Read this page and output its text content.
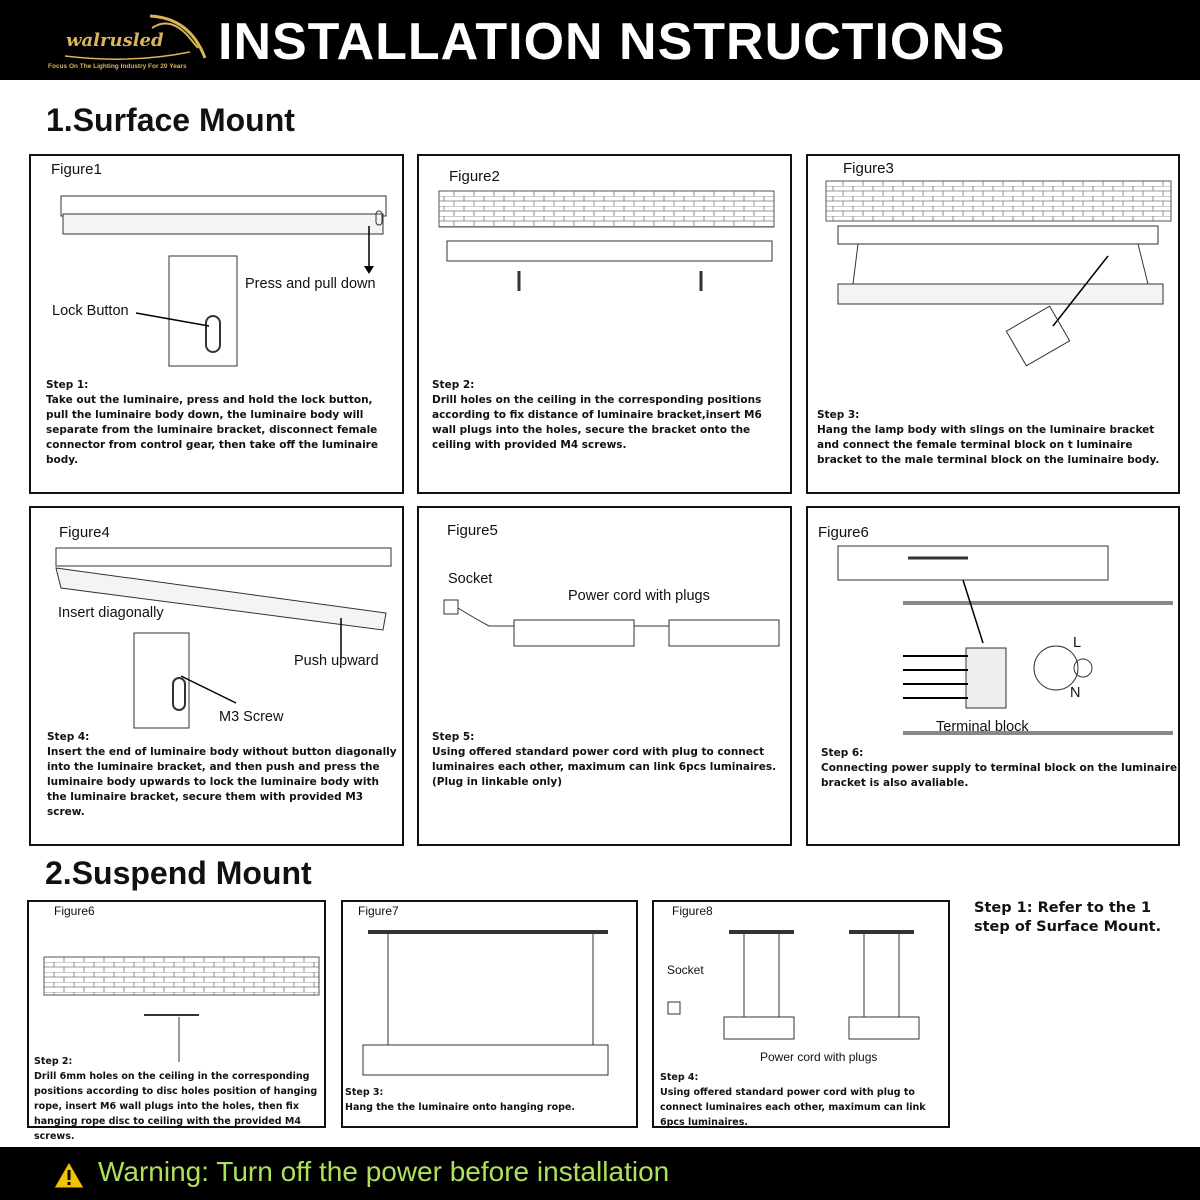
walrusled
Focus On The Lighting Industry For 20 Years INSTALLATION NSTRUCTIONS
1.Surface Mount
2.Suspend Mount
Figure1
Press and pull down
Lock Button
Step 1:
Take out the luminaire, press and hold the lock button, pull the luminaire body down, the luminaire body will separate from the luminaire bracket, disconnect female connector from control gear, then take off the luminaire body.
Figure2
Step 2:
Drill holes on the ceiling in the corresponding positions according to fix distance of luminaire bracket,insert M6 wall plugs into the holes, secure the bracket onto the ceiling with provided M4 screws.
Figure3
Step 3:
Hang the lamp body with slings on the luminaire bracket and connect the female terminal block on t luminaire bracket to the male terminal block on the luminaire body.
Figure4
Insert diagonally
Push upward
M3 Screw
Step 4:
Insert the end of luminaire body without button diagonally into the luminaire bracket, and then push and press the luminaire body upwards to lock the luminaire body with the luminaire bracket, secure them with provided M3 screw.
Figure5
Socket
Power cord with plugs
Step 5:
Using offered standard power cord with plug to connect luminaires each other, maximum can link 6pcs luminaires. (Plug in linkable only)
Figure6
L
N
Terminal block
Step 6:
Connecting power supply to terminal block on the luminaire bracket is also avaliable.
Figure6
Step 2:
Drill 6mm holes on the ceiling in the corresponding positions according to disc holes position of hanging rope, insert M6 wall plugs into the holes, then fix hanging rope disc to ceiling with the provided M4 screws.
Figure7
Step 3:
Hang the the luminaire onto hanging rope.
Figure8
Socket
Power cord with plugs
Step 4:
Using offered standard power cord with plug to connect luminaires each other, maximum can link 6pcs luminaires.
Step 1: Refer to the 1 step of Surface Mount.
Warning: Turn off the power before installation
